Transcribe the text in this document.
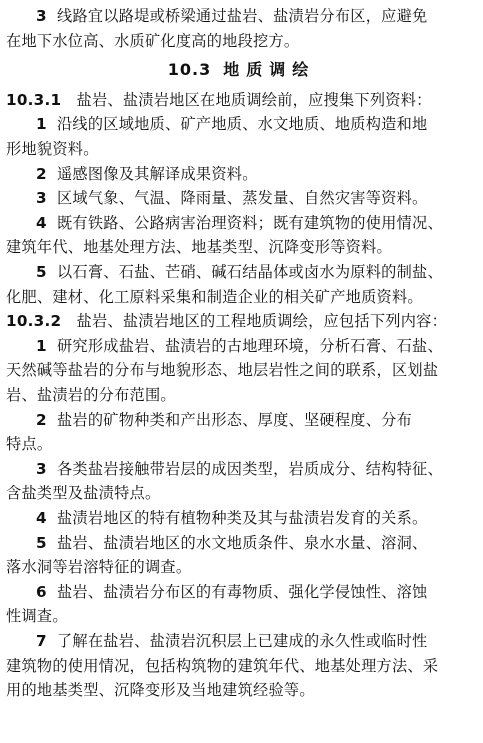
3 线路宜以路堤或桥梁通过盐岩、盐渍岩分布区，应避免
在地下水位高、水质矿化度高的地段挖方。
10.3 地质调绘
10.3.1 盐岩、盐渍岩地区在地质调绘前，应搜集下列资料：
1 沿线的区域地质、矿产地质、水文地质、地质构造和地
形地貌资料。
2 遥感图像及其解译成果资料。
3 区域气象、气温、降雨量、蒸发量、自然灾害等资料。
4 既有铁路、公路病害治理资料；既有建筑物的使用情况、
建筑年代、地基处理方法、地基类型、沉降变形等资料。
5 以石膏、石盐、芒硝、碱石结晶体或卤水为原料的制盐、
化肥、建材、化工原料采集和制造企业的相关矿产地质资料。
10.3.2 盐岩、盐渍岩地区的工程地质调绘，应包括下列内容：
1 研究形成盐岩、盐渍岩的古地理环境，分析石膏、石盐、
天然碱等盐岩的分布与地貌形态、地层岩性之间的联系，区划盐
岩、盐渍岩的分布范围。
2 盐岩的矿物种类和产出形态、厚度、坚硬程度、分布
特点。
3 各类盐岩接触带岩层的成因类型，岩质成分、结构特征、
含盐类型及盐渍特点。
4 盐渍岩地区的特有植物种类及其与盐渍岩发育的关系。
5 盐岩、盐渍岩地区的水文地质条件、泉水水量、溶洞、
落水洞等岩溶特征的调查。
6 盐岩、盐渍岩分布区的有毒物质、强化学侵蚀性、溶蚀
性调查。
7 了解在盐岩、盐渍岩沉积层上已建成的永久性或临时性
建筑物的使用情况，包括构筑物的建筑年代、地基处理方法、采
用的地基类型、沉降变形及当地建筑经验等。
